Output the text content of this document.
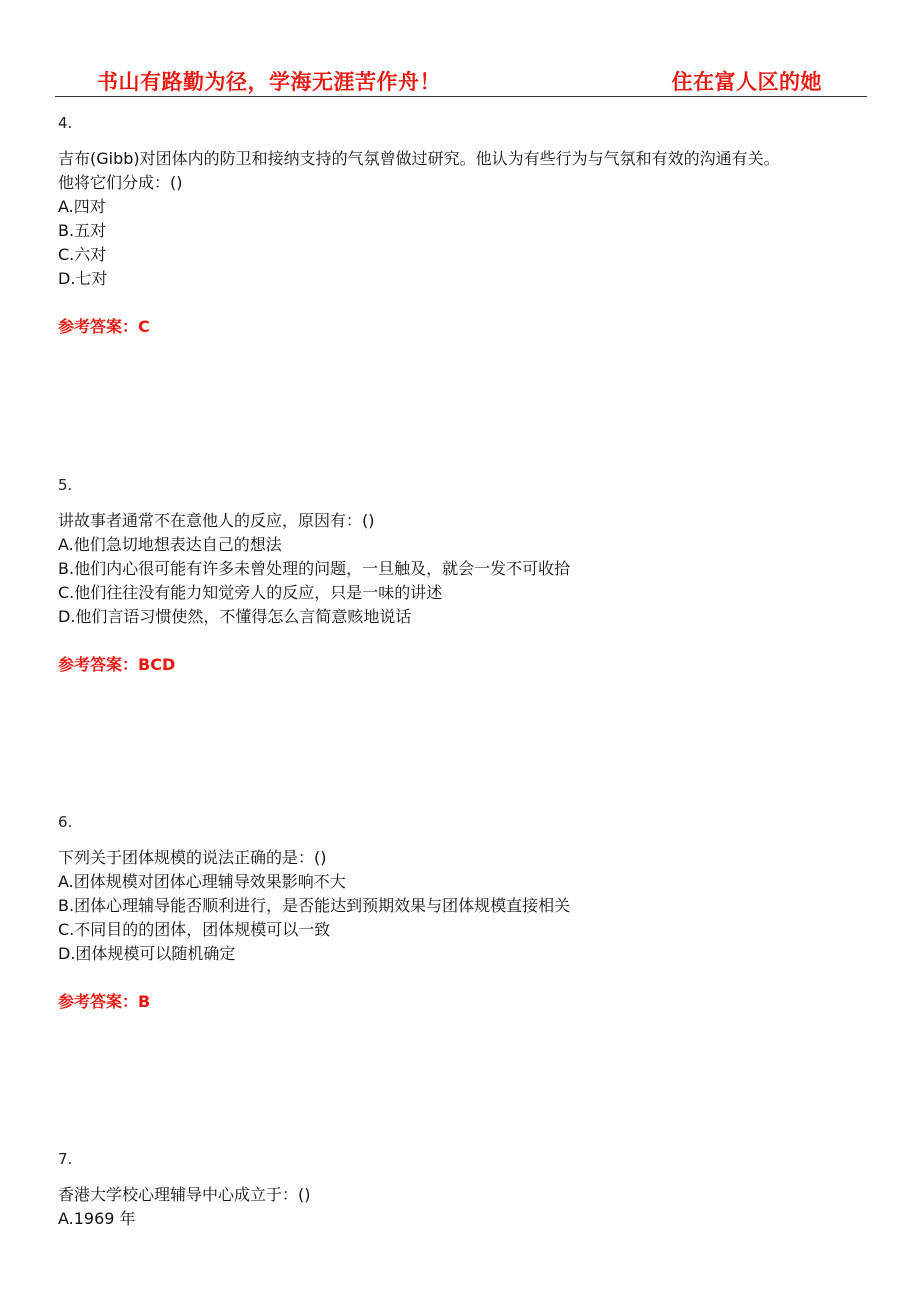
书山有路勤为径，学海无涯苦作舟！	住在富人区的她
4.
吉布(Gibb)对团体内的防卫和接纳支持的气氛曾做过研究。他认为有些行为与气氛和有效的沟通有关。
他将它们分成：()
A.四对
B.五对
C.六对
D.七对
参考答案：C
5.
讲故事者通常不在意他人的反应，原因有：()
A.他们急切地想表达自己的想法
B.他们内心很可能有许多未曾处理的问题，一旦触及，就会一发不可收拾
C.他们往往没有能力知觉旁人的反应，只是一味的讲述
D.他们言语习惯使然，不懂得怎么言简意赅地说话
参考答案：BCD
6.
下列关于团体规模的说法正确的是：()
A.团体规模对团体心理辅导效果影响不大
B.团体心理辅导能否顺利进行，是否能达到预期效果与团体规模直接相关
C.不同目的的团体，团体规模可以一致
D.团体规模可以随机确定
参考答案：B
7.
香港大学校心理辅导中心成立于：()
A.1969 年
